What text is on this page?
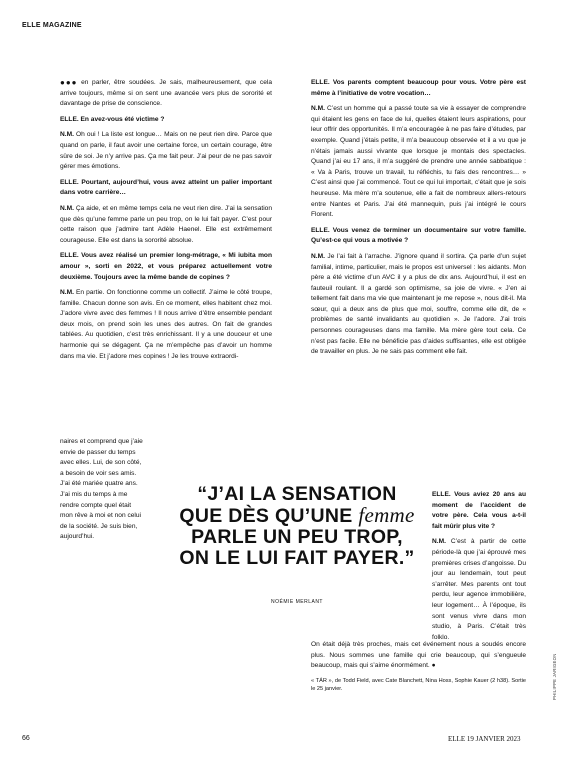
ELLE MAGAZINE

●●● en parler, être soudées. Je sais, malheureusement, que cela arrive toujours, même si on sent une avancée vers plus de sororité et davantage de prise de conscience.

ELLE. En avez-vous été victime ?

N.M. Oh oui ! La liste est longue… Mais on ne peut rien dire. Parce que quand on parle, il faut avoir une certaine force, un certain courage, être sûre de soi. Je n’y arrive pas. Ça me fait peur. J’ai peur de ne pas savoir gérer mes émotions.

ELLE. Pourtant, aujourd’hui, vous avez atteint un palier important dans votre carrière…

N.M. Ça aide, et en même temps cela ne veut rien dire. J’ai la sensation que dès qu’une femme parle un peu trop, on le lui fait payer. C’est pour cette raison que j’admire tant Adèle Haenel. Elle est extrêmement courageuse. Elle est dans la sororité absolue.

ELLE. Vous avez réalisé un premier long-métrage, « Mi iubita mon amour », sorti en 2022, et vous préparez actuellement votre deuxième. Toujours avec la même bande de copines ?

N.M. En partie. On fonctionne comme un collectif. J’aime le côté troupe, famille. Chacun donne son avis. En ce moment, elles habitent chez moi. J’adore vivre avec des femmes ! Il nous arrive d’être ensemble pendant deux mois, on prend soin les unes des autres. On fait de grandes tablées. Au quotidien, c’est très enrichissant. Il y a une douceur et une harmonie qui se dégagent. Ça ne m’empêche pas d’avoir un homme dans ma vie. Et j’adore mes copines ! Je les trouve extraordi-

naires et comprend que j’aie envie de passer du temps avec elles. Lui, de son côté, a besoin de voir ses amis. J’ai été mariée quatre ans. J’ai mis du temps à me rendre compte quel était mon rêve à moi et non celui de la société. Je suis bien, aujourd’hui.

ELLE. Vos parents comptent beaucoup pour vous. Votre père est même à l’initiative de votre vocation…

N.M. C’est un homme qui a passé toute sa vie à essayer de comprendre qui étaient les gens en face de lui, quelles étaient leurs aspirations, pour leur offrir des opportunités. Il m’a encouragée à ne pas faire d’études, par exemple. Quand j’étais petite, il m’a beaucoup observée et il a vu que je n’étais jamais aussi vivante que lorsque je montais des spectacles. Quand j’ai eu 17 ans, il m’a suggéré de prendre une année sabbatique : « Va à Paris, trouve un travail, tu réfléchis, tu fais des rencontres… » C’est ainsi que j’ai commencé. Tout ce qui lui importait, c’était que je sois heureuse. Ma mère m’a soutenue, elle a fait de nombreux allers-retours entre Nantes et Paris. J’ai été mannequin, puis j’ai intégré le cours Florent.

ELLE. Vous venez de terminer un documentaire sur votre famille. Qu’est-ce qui vous a motivée ?

N.M. Je l’ai fait à l’arrache. J’ignore quand il sortira. Ça parle d’un sujet familial, intime, particulier, mais le propos est universel : les aidants. Mon père a été victime d’un AVC il y a plus de dix ans. Aujourd’hui, il est en fauteuil roulant. Il a gardé son optimisme, sa joie de vivre. « J’en ai tellement fait dans ma vie que maintenant je me repose », nous dit-il. Ma sœur, qui a deux ans de plus que moi, souffre, comme elle dit, de « problèmes de santé invalidants au quotidien ». Je l’adore. J’ai trois personnes courageuses dans ma famille. Ma mère gère tout cela. Ce n’est pas facile. Elle ne bénéficie pas d’aides suffisantes, elle est obligée de travailler en plus. Je ne sais pas comment elle fait.

ELLE. Vous aviez 20 ans au moment de l’accident de votre père. Cela vous a-t-il fait mûrir plus vite ?

N.M. C’est à partir de cette période-là que j’ai éprouvé mes premières crises d’angoisse. Du jour au lendemain, tout peut s’arrêter. Mes parents ont tout perdu, leur agence immobilière, leur logement… À l’époque, ils sont venus vivre dans mon studio, à Paris. C’était très folklo.

On était déjà très proches, mais cet événement nous a soudés encore plus. Nous sommes une famille qui crie beaucoup, qui s’engueule beaucoup, mais qui s’aime énormément. ●

« TÁR », de Todd Field, avec Cate Blanchett, Nina Hoss, Sophie Kauer (2 h38). Sortie le 25 janvier.

“J’AI LA SENSATION QUE DÈS QU’UNE femme PARLE UN PEU TROP, ON LE LUI FAIT PAYER.”
NOÉMIE MERLANT
PHILIPPE JARIGEON
66	ELLE 19 JANVIER 2023
